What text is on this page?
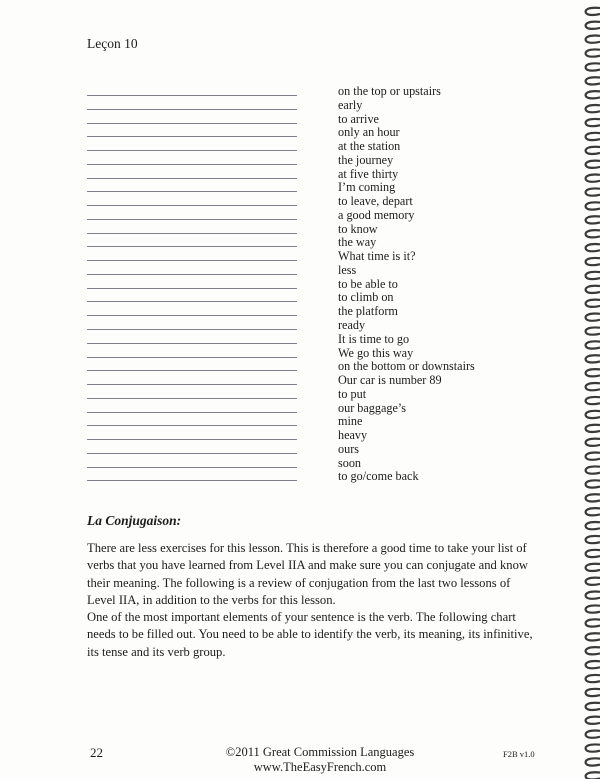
Leçon 10
on the top or upstairs
early
to arrive
only an hour
at the station
the journey
at five thirty
I’m coming
to leave, depart
a good memory
to know
the way
What time is it?
less
to be able to
to climb on
the platform
ready
It is time to go
We go this way
on the bottom or downstairs
Our car is number 89
to put
our baggage’s
mine
heavy
ours
soon
to go/come back
La Conjugaison:
There are less exercises for this lesson. This is therefore a good time to take your list of verbs that you have learned from Level IIA and make sure you can conjugate and know their meaning. The following is a review of conjugation from the last two lessons of Level IIA, in addition to the verbs for this lesson.
One of the most important elements of your sentence is the verb. The following chart needs to be filled out. You need to be able to identify the verb, its meaning, its infinitive, its tense and its verb group.
22	©2011 Great Commission Languages
www.TheEasyFrench.com
F2B v1.0
